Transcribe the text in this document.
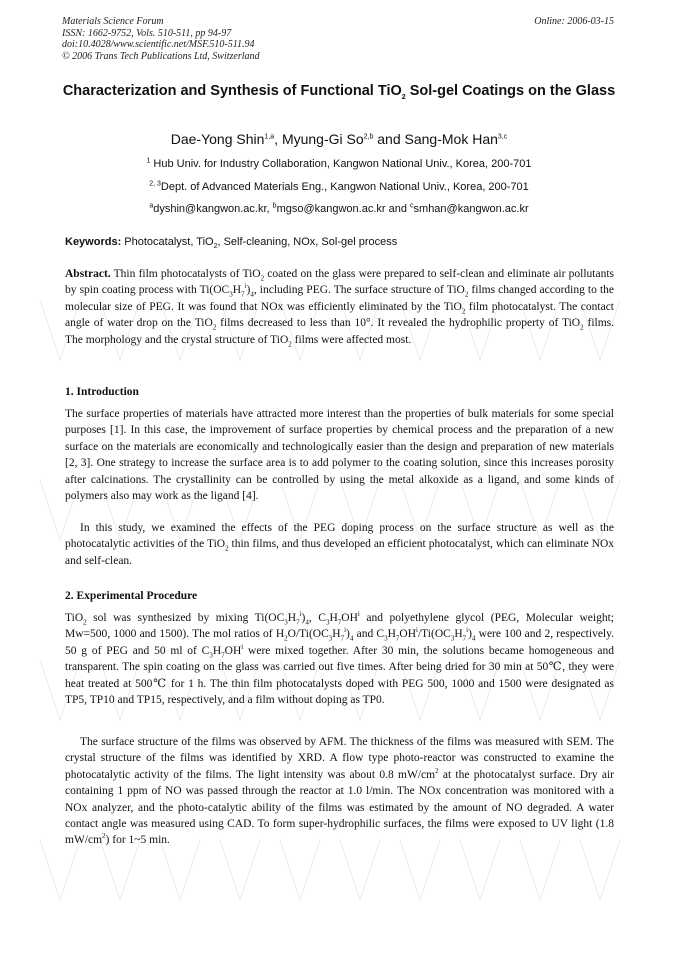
Materials Science Forum
ISSN: 1662-9752, Vols. 510-511, pp 94-97
doi:10.4028/www.scientific.net/MSF.510-511.94
© 2006 Trans Tech Publications Ltd, Switzerland
Online: 2006-03-15
Characterization and Synthesis of Functional TiO$_2$ Sol-gel Coatings on the Glass
Dae-Yong Shin$^{1,a}$, Myung-Gi So$^{2,b}$ and Sang-Mok Han$^{3,c}$
$^1$ Hub Univ. for Industry Collaboration, Kangwon National Univ., Korea, 200-701
$^{2, 3}$Dept. of Advanced Materials Eng., Kangwon National Univ., Korea, 200-701
$^a$dyshin@kangwon.ac.kr, $^b$mgso@kangwon.ac.kr and $^c$smhan@kangwon.ac.kr
Keywords: Photocatalyst, TiO$_2$, Self-cleaning, NOx, Sol-gel process
Abstract. Thin film photocatalysts of TiO$_2$ coated on the glass were prepared to self-clean and eliminate air pollutants by spin coating process with $Ti(OC_3H_7^i)_4$, including PEG. The surface structure of TiO$_2$ films changed according to the molecular size of PEG. It was found that NOx was efficiently eliminated by the TiO$_2$ film photocatalyst. The contact angle of water drop on the TiO$_2$ films decreased to less than 10°. It revealed the hydrophilic property of TiO$_2$ films. The morphology and the crystal structure of TiO$_2$ films were affected most.
1. Introduction
The surface properties of materials have attracted more interest than the properties of bulk materials for some special purposes [1]. In this case, the improvement of surface properties by chemical process and the preparation of a new surface on the materials are economically and technologically easier than the design and preparation of new materials [2, 3]. One strategy to increase the surface area is to add polymer to the coating solution, since this increases porosity after calcinations. The crystallinity can be controlled by using the metal alkoxide as a ligand, and some kinds of polymers also may work as the ligand [4].
In this study, we examined the effects of the PEG doping process on the surface structure as well as the photocatalytic activities of the TiO$_2$ thin films, and thus developed an efficient photocatalyst, which can eliminate NOx and self-clean.
2. Experimental Procedure
TiO$_2$ sol was synthesized by mixing $Ti(OC_3H_7^i)_4$, $C_3H_7OH^i$ and polyethylene glycol (PEG, Molecular weight; Mw=500, 1000 and 1500). The mol ratios of $H_2O/Ti(OC_3H_7^i)_4$ and $C_3H_7OH^i/Ti(OC_3H_7^i)_4$ were 100 and 2, respectively. 50 g of PEG and 50 ml of $C_3H_7OH^i$ were mixed together. After 30 min, the solutions became homogeneous and transparent. The spin coating on the glass was carried out five times. After being dried for 30 min at 50℃, they were heat treated at 500℃ for 1 h. The thin film photocatalysts doped with PEG 500, 1000 and 1500 were designated as TP5, TP10 and TP15, respectively, and a film without doping as TP0.
The surface structure of the films was observed by AFM. The thickness of the films was measured with SEM. The crystal structure of the films was identified by XRD. A flow type photo-reactor was constructed to examine the photocatalytic activity of the films. The light intensity was about 0.8 $mW/cm^2$ at the photocatalyst surface. Dry air containing 1 ppm of NO was passed through the reactor at 1.0 l/min. The NOx concentration was monitored with a NOx analyzer, and the photo-catalytic ability of the films was estimated by the amount of NO degraded. A water contact angle was measured using CAD. To form super-hydrophilic surfaces, the films were exposed to UV light (1.8 $mW/cm^2$) for 1~5 min.
